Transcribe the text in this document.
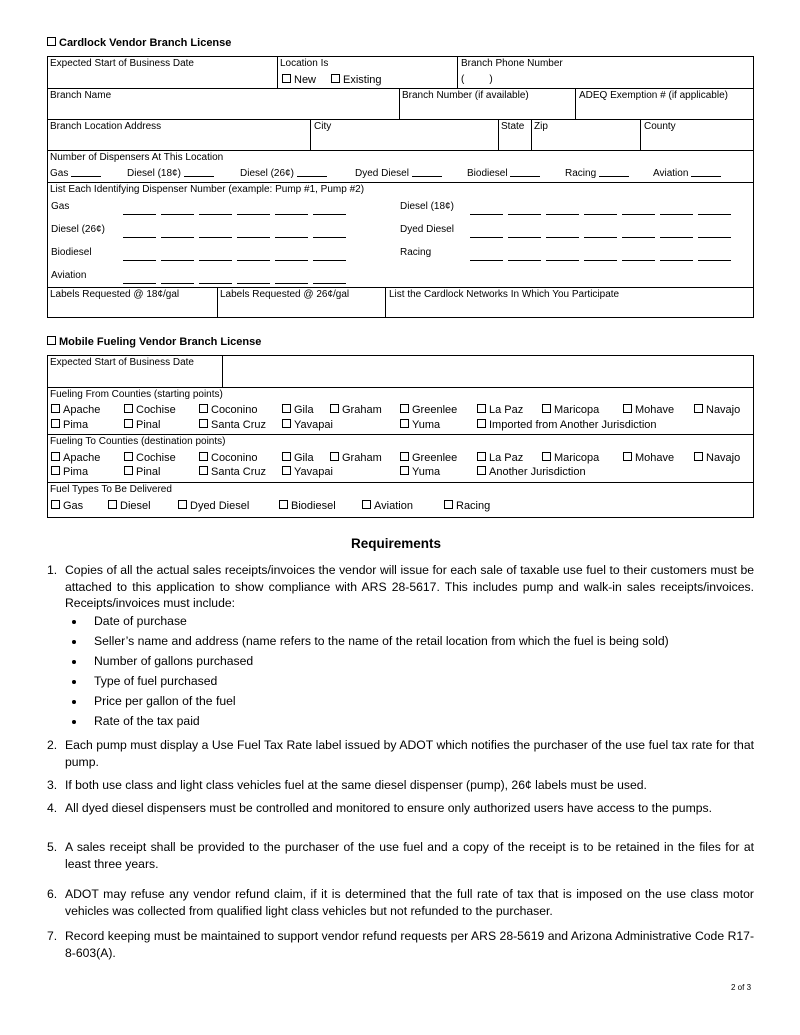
Cardlock Vendor Branch License
Expected Start of Business Date	Location Is
New	Existing
Branch Phone Number
(         )
Branch Name	Branch Number (if available)	ADEQ Exemption # (if applicable)
Branch Location Address	City	State Zip	County
Number of Dispensers At This Location
Gas	Diesel (18¢)	Diesel (26¢)	Dyed Diesel	Biodiesel	Racing	Aviation
List Each Identifying Dispenser Number (example: Pump #1, Pump #2)
Gas
Diesel (26¢)
Biodiesel
Aviation
Diesel (18¢)
Dyed Diesel
Racing
Labels Requested @ 18¢/gal	Labels Requested @ 26¢/gal	List the Cardlock Networks In Which You Participate
Mobile Fueling Vendor Branch License
Expected Start of Business Date
Fueling From Counties (starting points)
Apache	Cochise	Coconino	Gila	Graham	Greenlee	La Paz	Maricopa	Mohave	Navajo
Pima	Pinal	Santa Cruz	Yavapai	Yuma	Imported from Another Jurisdiction
Fueling To Counties (destination points)
Apache	Cochise	Coconino	Gila	Graham	Greenlee	La Paz	Maricopa	Mohave	Navajo
Pima	Pinal	Santa Cruz	Yavapai	Yuma	Another Jurisdiction
Fuel Types To Be Delivered
Gas	Diesel	Dyed Diesel	Biodiesel	Aviation	Racing
Requirements
1. Copies of all the actual sales receipts/invoices the vendor will issue for each sale of taxable use fuel to their customers must be attached to this application to show compliance with ARS 28-5617. This includes pump and walk-in sales receipts/invoices. Receipts/invoices must include:
Date of purchase
Seller’s name and address (name refers to the name of the retail location from which the fuel is being sold)
Number of gallons purchased
Type of fuel purchased
Price per gallon of the fuel
Rate of the tax paid
2. Each pump must display a Use Fuel Tax Rate label issued by ADOT which notifies the purchaser of the use fuel tax rate for that pump.
3. If both use class and light class vehicles fuel at the same diesel dispenser (pump), 26¢ labels must be used.
4. All dyed diesel dispensers must be controlled and monitored to ensure only authorized users have access to the pumps.
5. A sales receipt shall be provided to the purchaser of the use fuel and a copy of the receipt is to be retained in the files for at least three years.
6. ADOT may refuse any vendor refund claim, if it is determined that the full rate of tax that is imposed on the use class motor vehicles was collected from qualified light class vehicles but not refunded to the purchaser.
7. Record keeping must be maintained to support vendor refund requests per ARS 28-5619 and Arizona Administrative Code R17-8-603(A).
2 of 3
